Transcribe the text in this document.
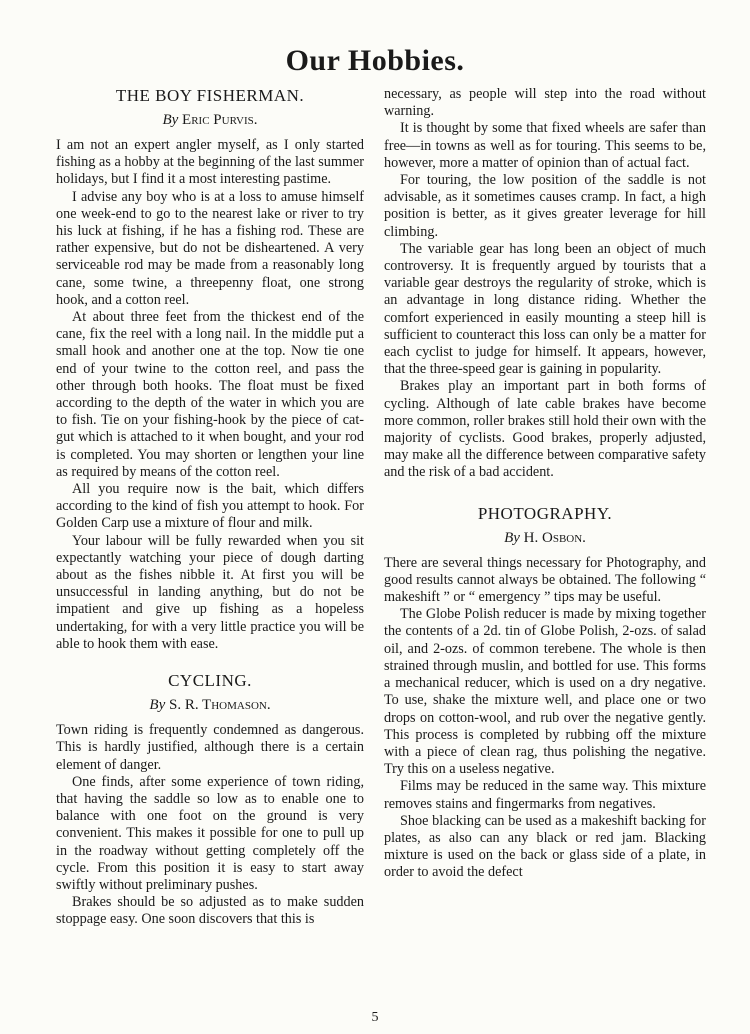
Our Hobbies.
THE BOY FISHERMAN.
By Eric Purvis.

I am not an expert angler myself, as I only started fishing as a hobby at the beginning of the last summer holidays, but I find it a most interesting pastime.

I advise any boy who is at a loss to amuse himself one week-end to go to the nearest lake or river to try his luck at fishing, if he has a fishing rod. These are rather expensive, but do not be disheartened. A very serviceable rod may be made from a reasonably long cane, some twine, a threepenny float, one strong hook, and a cotton reel.

At about three feet from the thickest end of the cane, fix the reel with a long nail. In the middle put a small hook and another one at the top. Now tie one end of your twine to the cotton reel, and pass the other through both hooks. The float must be fixed according to the depth of the water in which you are to fish. Tie on your fishing-hook by the piece of cat-gut which is attached to it when bought, and your rod is completed. You may shorten or lengthen your line as required by means of the cotton reel.

All you require now is the bait, which differs according to the kind of fish you attempt to hook. For Golden Carp use a mixture of flour and milk.

Your labour will be fully rewarded when you sit expectantly watching your piece of dough darting about as the fishes nibble it. At first you will be unsuccessful in landing anything, but do not be impatient and give up fishing as a hopeless undertaking, for with a very little practice you will be able to hook them with ease.

CYCLING.
By S. R. Thomason.

Town riding is frequently condemned as dangerous. This is hardly justified, although there is a certain element of danger.

One finds, after some experience of town riding, that having the saddle so low as to enable one to balance with one foot on the ground is very convenient. This makes it possible for one to pull up in the roadway without getting completely off the cycle. From this position it is easy to start away swiftly without preliminary pushes.

Brakes should be so adjusted as to make sudden stoppage easy. One soon discovers that this is

necessary, as people will step into the road without warning.

It is thought by some that fixed wheels are safer than free—in towns as well as for touring. This seems to be, however, more a matter of opinion than of actual fact.

For touring, the low position of the saddle is not advisable, as it sometimes causes cramp. In fact, a high position is better, as it gives greater leverage for hill climbing.

The variable gear has long been an object of much controversy. It is frequently argued by tourists that a variable gear destroys the regularity of stroke, which is an advantage in long distance riding. Whether the comfort experienced in easily mounting a steep hill is sufficient to counteract this loss can only be a matter for each cyclist to judge for himself. It appears, however, that the three-speed gear is gaining in popularity.

Brakes play an important part in both forms of cycling. Although of late cable brakes have become more common, roller brakes still hold their own with the majority of cyclists. Good brakes, properly adjusted, may make all the difference between comparative safety and the risk of a bad accident.

PHOTOGRAPHY.
By H. Osbon.

There are several things necessary for Photography, and good results cannot always be obtained. The following “ makeshift ” or “ emergency ” tips may be useful.

The Globe Polish reducer is made by mixing together the contents of a 2d. tin of Globe Polish, 2-ozs. of salad oil, and 2-ozs. of common terebene. The whole is then strained through muslin, and bottled for use. This forms a mechanical reducer, which is used on a dry negative. To use, shake the mixture well, and place one or two drops on cotton-wool, and rub over the negative gently. This process is completed by rubbing off the mixture with a piece of clean rag, thus polishing the negative. Try this on a useless negative.

Films may be reduced in the same way. This mixture removes stains and fingermarks from negatives.

Shoe blacking can be used as a makeshift backing for plates, as also can any black or red jam. Blacking mixture is used on the back or glass side of a plate, in order to avoid the defect

5
